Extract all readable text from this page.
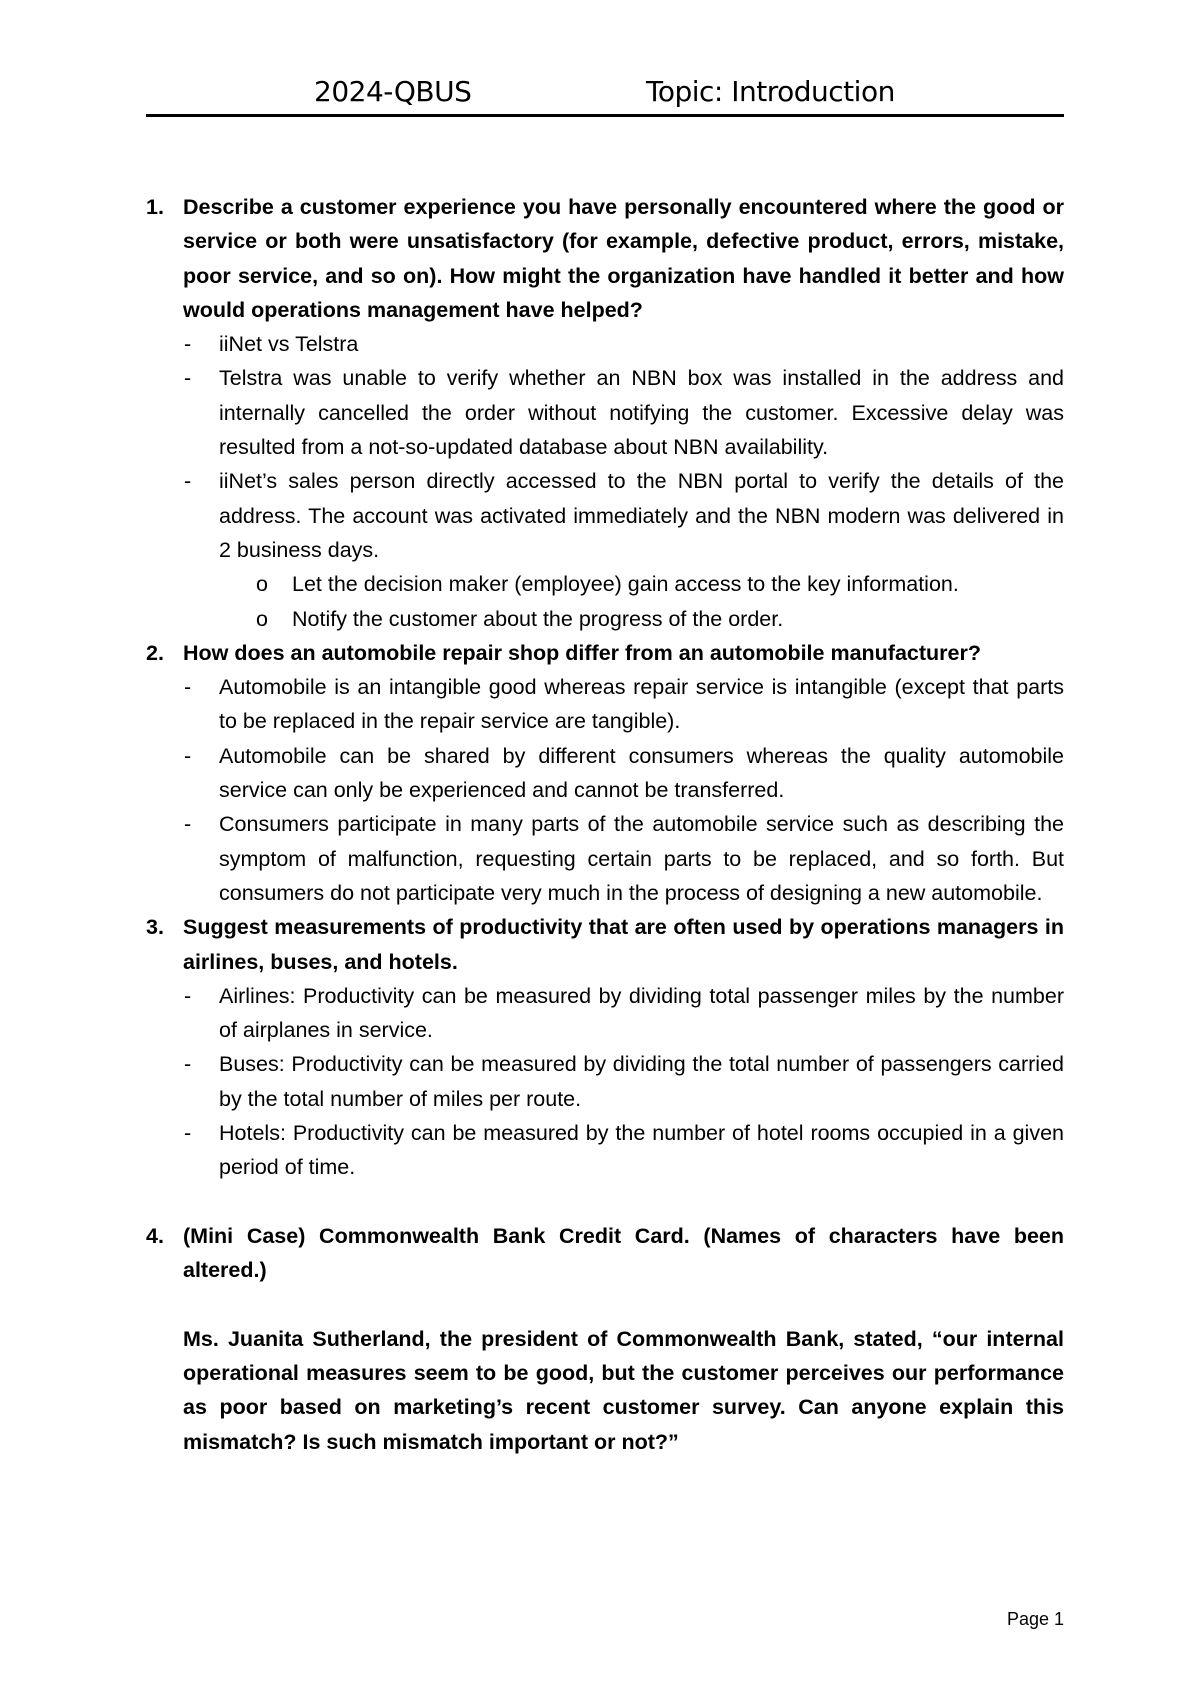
2024-QBUS	Topic: Introduction
1. Describe a customer experience you have personally encountered where the good or service or both were unsatisfactory (for example, defective product, errors, mistake, poor service, and so on). How might the organization have handled it better and how would operations management have helped?
- iiNet vs Telstra
- Telstra was unable to verify whether an NBN box was installed in the address and internally cancelled the order without notifying the customer. Excessive delay was resulted from a not-so-updated database about NBN availability.
- iiNet’s sales person directly accessed to the NBN portal to verify the details of the address. The account was activated immediately and the NBN modern was delivered in 2 business days.
o Let the decision maker (employee) gain access to the key information.
o Notify the customer about the progress of the order.
2. How does an automobile repair shop differ from an automobile manufacturer?
- Automobile is an intangible good whereas repair service is intangible (except that parts to be replaced in the repair service are tangible).
- Automobile can be shared by different consumers whereas the quality automobile service can only be experienced and cannot be transferred.
- Consumers participate in many parts of the automobile service such as describing the symptom of malfunction, requesting certain parts to be replaced, and so forth. But consumers do not participate very much in the process of designing a new automobile.
3. Suggest measurements of productivity that are often used by operations managers in airlines, buses, and hotels.
- Airlines: Productivity can be measured by dividing total passenger miles by the number of airplanes in service.
- Buses: Productivity can be measured by dividing the total number of passengers carried by the total number of miles per route.
- Hotels: Productivity can be measured by the number of hotel rooms occupied in a given period of time.
4. (Mini Case) Commonwealth Bank Credit Card. (Names of characters have been altered.)
Ms. Juanita Sutherland, the president of Commonwealth Bank, stated, “our internal operational measures seem to be good, but the customer perceives our performance as poor based on marketing’s recent customer survey. Can anyone explain this mismatch? Is such mismatch important or not?”
Page 1
